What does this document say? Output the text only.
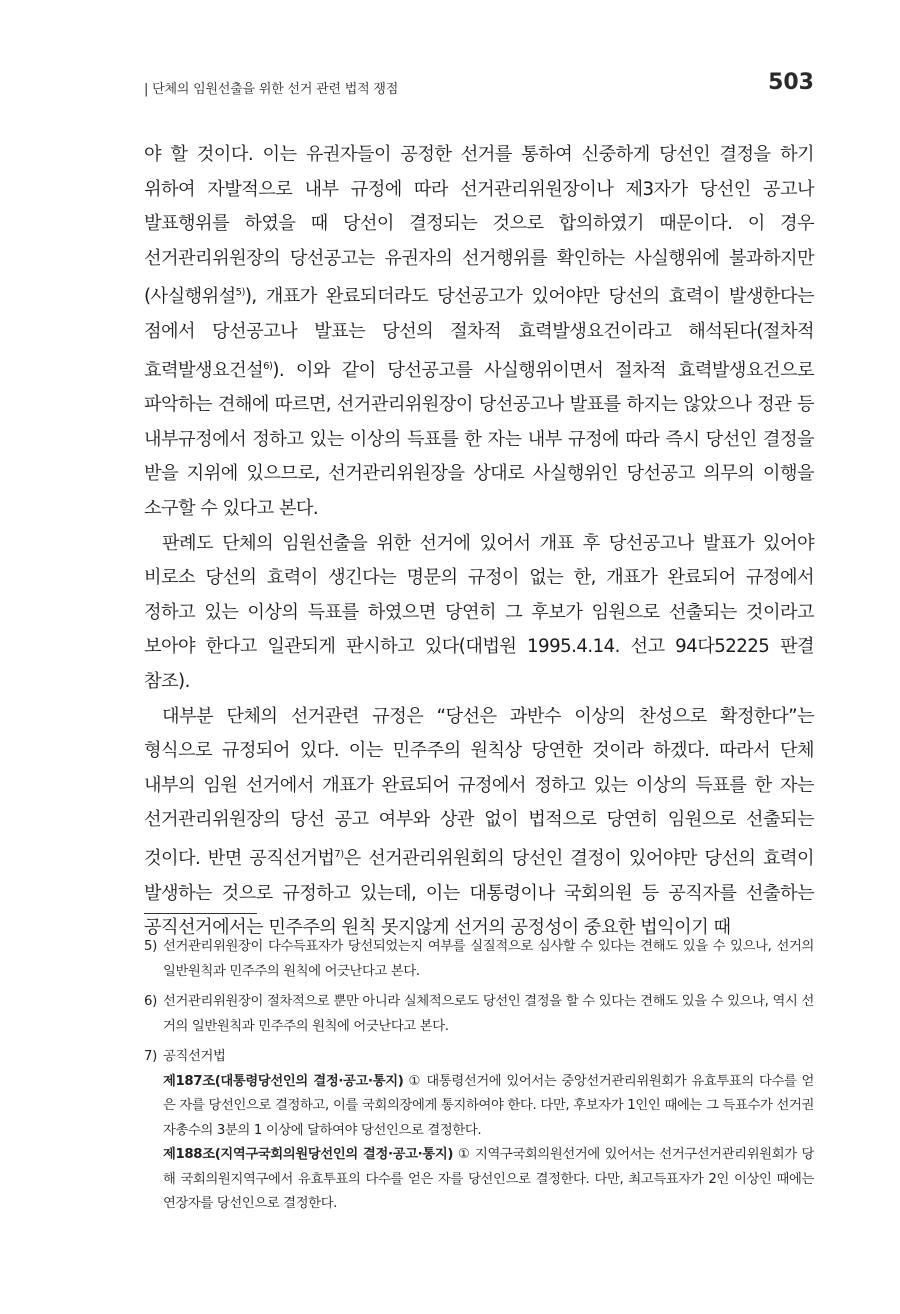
| 단체의 임원선출을 위한 선거 관련 법적 쟁점	503

야 할 것이다. 이는 유권자들이 공정한 선거를 통하여 신중하게 당선인 결정을 하기 위하여 자발적으로 내부 규정에 따라 선거관리위원장이나 제3자가 당선인 공고나 발표행위를 하였을 때 당선이 결정되는 것으로 합의하였기 때문이다. 이 경우 선거관리위원장의 당선공고는 유권자의 선거행위를 확인하는 사실행위에 불과하지만(사실행위설$^{5)}$), 개표가 완료되더라도 당선공고가 있어야만 당선의 효력이 발생한다는 점에서 당선공고나 발표는 당선의 절차적 효력발생요건이라고 해석된다(절차적 효력발생요건설$^{6)}$). 이와 같이 당선공고를 사실행위이면서 절차적 효력발생요건으로 파악하는 견해에 따르면, 선거관리위원장이 당선공고나 발표를 하지는 않았으나 정관 등 내부규정에서 정하고 있는 이상의 득표를 한 자는 내부 규정에 따라 즉시 당선인 결정을 받을 지위에 있으므로, 선거관리위원장을 상대로 사실행위인 당선공고 의무의 이행을 소구할 수 있다고 본다.

판례도 단체의 임원선출을 위한 선거에 있어서 개표 후 당선공고나 발표가 있어야 비로소 당선의 효력이 생긴다는 명문의 규정이 없는 한, 개표가 완료되어 규정에서 정하고 있는 이상의 득표를 하였으면 당연히 그 후보가 임원으로 선출되는 것이라고 보아야 한다고 일관되게 판시하고 있다(대법원 1995.4.14. 선고 94다52225 판결 참조).

대부분 단체의 선거관련 규정은 “당선은 과반수 이상의 찬성으로 확정한다”는 형식으로 규정되어 있다. 이는 민주주의 원칙상 당연한 것이라 하겠다. 따라서 단체 내부의 임원 선거에서 개표가 완료되어 규정에서 정하고 있는 이상의 득표를 한 자는 선거관리위원장의 당선 공고 여부와 상관 없이 법적으로 당연히 임원으로 선출되는 것이다. 반면 공직선거법$^{7)}$은 선거관리위원회의 당선인 결정이 있어야만 당선의 효력이 발생하는 것으로 규정하고 있는데, 이는 대통령이나 국회의원 등 공직자를 선출하는 공직선거에서는 민주주의 원칙 못지않게 선거의 공정성이 중요한 법익이기 때

5) 선거관리위원장이 다수득표자가 당선되었는지 여부를 실질적으로 심사할 수 있다는 견해도 있을 수 있으나, 선거의 일반원칙과 민주주의 원칙에 어긋난다고 본다.
6) 선거관리위원장이 절차적으로 뿐만 아니라 실체적으로도 당선인 결정을 할 수 있다는 견해도 있을 수 있으나, 역시 선거의 일반원칙과 민주주의 원칙에 어긋난다고 본다.
7) 공직선거법
제187조(대통령당선인의 결정·공고·통지) ① 대통령선거에 있어서는 중앙선거관리위원회가 유효투표의 다수를 얻은 자를 당선인으로 결정하고, 이를 국회의장에게 통지하여야 한다. 다만, 후보자가 1인인 때에는 그 득표수가 선거권자총수의 3분의 1 이상에 달하여야 당선인으로 결정한다.
제188조(지역구국회의원당선인의 결정·공고·통지) ① 지역구국회의원선거에 있어서는 선거구선거관리위원회가 당해 국회의원지역구에서 유효투표의 다수를 얻은 자를 당선인으로 결정한다. 다만, 최고득표자가 2인 이상인 때에는 연장자를 당선인으로 결정한다.
